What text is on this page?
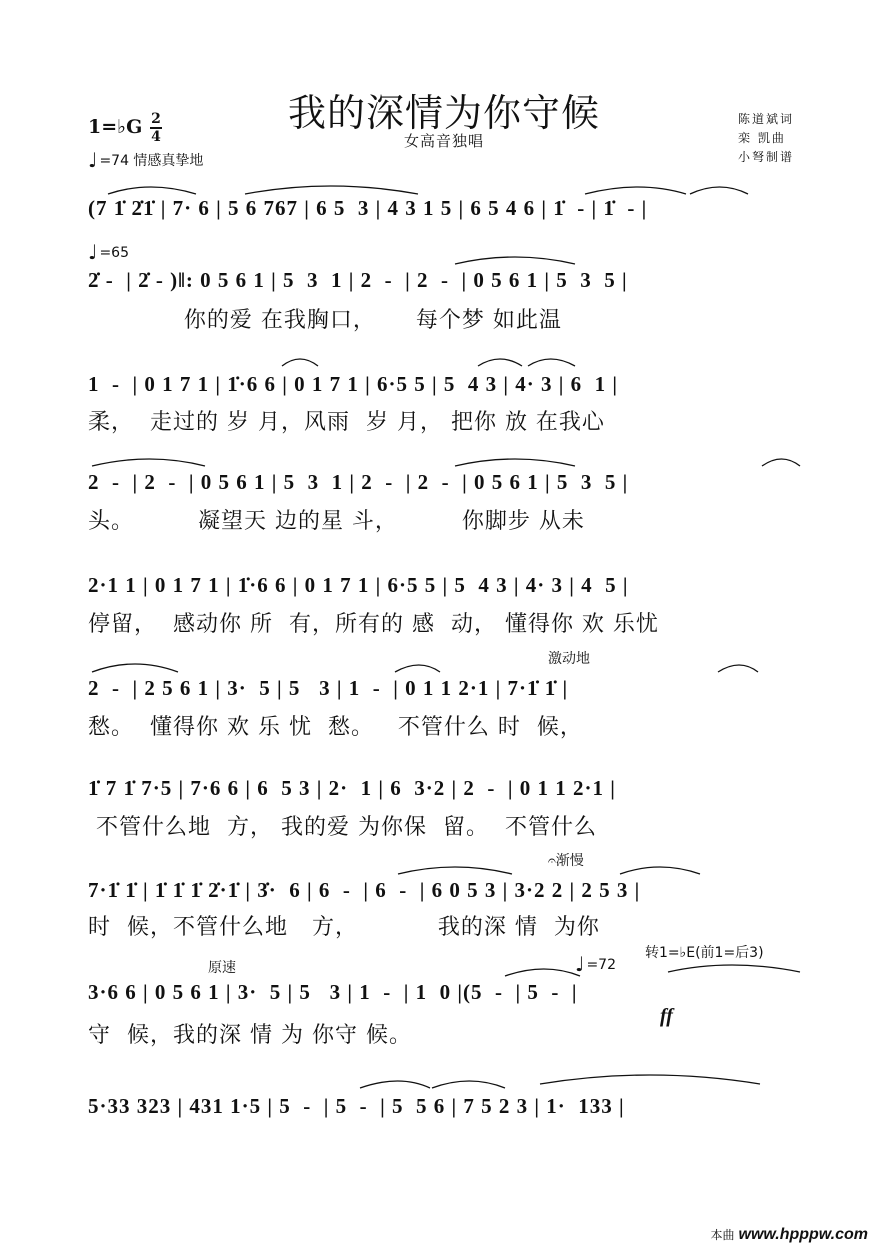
我的深情为你守候
女高音独唱
陈道斌词
栾 凯曲
小弩制谱
1=♭G 2
4
♩ =74 情感真挚地
(7 1̇ 2̇1̇ | 7· 6 | 5 6 767 | 6 5  3 | 4 3 1 5 | 6 5 4 6 | 1̇  - | 1̇  - |
♩ =65
2̇ -  | 2̇ - )‖: 0 5 6 1 | 5  3  1 | 2  -  | 2  -  | 0 5 6 1 | 5  3  5 |
你的爱 在我胸口，     每个梦 如此温
1  -  | 0 1 7 1 | 1̇·6 6 | 0 1 7 1 | 6·5 5 | 5  4 3 | 4· 3 | 6  1 |
柔，  走过的 岁 月，风雨  岁 月， 把你 放 在我心
2  -  | 2  -  | 0 5 6 1 | 5  3  1 | 2  -  | 2  -  | 0 5 6 1 | 5  3  5 |
头。        凝望天 边的星 斗，        你脚步 从未
2·1 1 | 0 1 7 1 | 1̇·6 6 | 0 1 7 1 | 6·5 5 | 5  4 3 | 4· 3 | 4  5 |
停留，  感动你 所  有，所有的 感  动， 懂得你 欢 乐忧
激动地
2  -  | 2 5 6 1 | 3·  5 | 5   3 | 1  -  | 0 1 1 2·1 | 7·1̇ 1̇ |
愁。  懂得你 欢 乐 忧  愁。   不管什么 时  候，
1̇ 7 1̇ 7·5 | 7·6 6 | 6  5 3 | 2·  1 | 6  3·2 | 2  -  | 0 1 1 2·1 |
不管什么地  方， 我的爱 为你保  留。  不管什么
𝄐渐慢
7·1̇ 1̇ | 1̇ 1̇ 1̇ 2̇·1̇ | 3̇·  6 | 6  -  | 6  -  | 6 0 5 3 | 3·2 2 | 2 5 3 |
时  候，不管什么地   方，          我的深 情  为你
原速	♩ =72
转1=♭E(前1=后3)
3·6 6 | 0 5 6 1 | 3·  5 | 5   3 | 1  -  | 1  0 |(5  -  | 5  -  |
ff
守  候，我的深 情 为 你守 候。
5·33 323 | 431 1·5 | 5  -  | 5  -  | 5  5 6 | 7 5 2 3 | 1·  133 |
本曲 www.hpppw.com
